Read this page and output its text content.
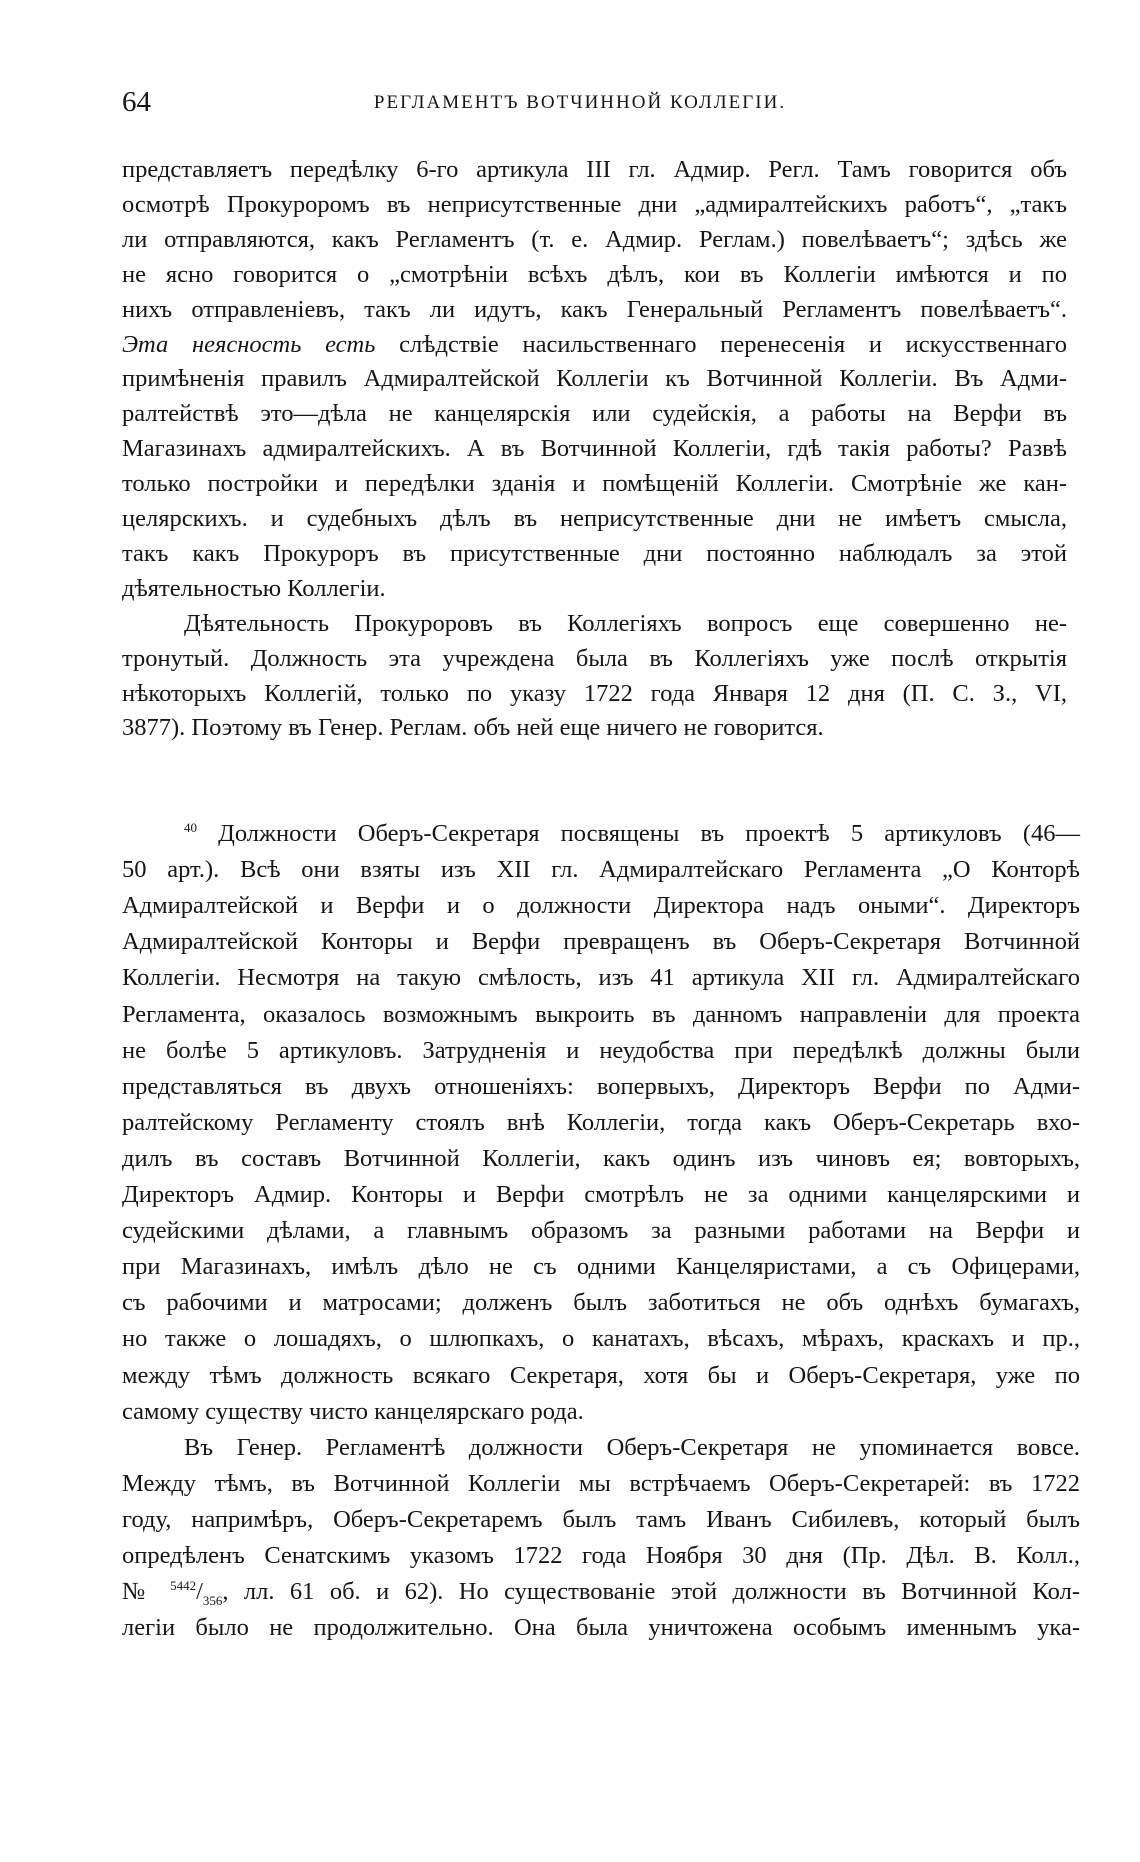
64	РЕГЛАМЕНТЪ ВОТЧИННОЙ КОЛЛЕГІИ.
представляетъ передѣлку 6-го артикула III гл. Адмир. Регл. Тамъ говорится объ
осмотрѣ Прокуроромъ въ неприсутственные дни „адмиралтейскихъ работъ“, „такъ
ли отправляются, какъ Регламентъ (т. е. Адмир. Реглам.) повелѣваетъ“; здѣсь же
не ясно говорится о „смотрѣніи всѣхъ дѣлъ, кои въ Коллегіи имѣются и по
нихъ отправленіевъ, такъ ли идутъ, какъ Генеральный Регламентъ повелѣваетъ“.
Эта неясность есть слѣдствіе насильственнаго перенесенія и искусственнаго
примѣненія правилъ Адмиралтейской Коллегіи къ Вотчинной Коллегіи. Въ Адми-
ралтействѣ это—дѣла не канцелярскія или судейскія, а работы на Верфи въ
Магазинахъ адмиралтейскихъ. А въ Вотчинной Коллегіи, гдѣ такія работы? Развѣ
только постройки и передѣлки зданія и помѣщеній Коллегіи. Смотрѣніе же кан-
целярскихъ. и судебныхъ дѣлъ въ неприсутственные дни не имѣетъ смысла,
такъ какъ Прокуроръ въ присутственные дни постоянно наблюдалъ за этой
дѣятельностью Коллегіи.
Дѣятельность Прокуроровъ въ Коллегіяхъ вопросъ еще совершенно не-
тронутый. Должность эта учреждена была въ Коллегіяхъ уже послѣ открытія
нѣкоторыхъ Коллегій, только по указу 1722 года Января 12 дня (П. С. З., VI,
3877). Поэтому въ Генер. Реглам. объ ней еще ничего не говорится.
$^{40}$ Должности Оберъ-Секретаря посвящены въ проектѣ 5 артикуловъ (46—
50 арт.). Всѣ они взяты изъ XII гл. Адмиралтейскаго Регламента „О Конторѣ
Адмиралтейской и Верфи и о должности Директора надъ оными“. Директоръ
Адмиралтейской Конторы и Верфи превращенъ въ Оберъ-Секретаря Вотчинной
Коллегіи. Несмотря на такую смѣлость, изъ 41 артикула XII гл. Адмиралтейскаго
Регламента, оказалось возможнымъ выкроить въ данномъ направленіи для проекта
не болѣе 5 артикуловъ. Затрудненія и неудобства при передѣлкѣ должны были
представляться въ двухъ отношеніяхъ: вопервыхъ, Директоръ Верфи по Адми-
ралтейскому Регламенту стоялъ внѣ Коллегіи, тогда какъ Оберъ-Секретарь вхо-
дилъ въ составъ Вотчинной Коллегіи, какъ одинъ изъ чиновъ ея; вовторыхъ,
Директоръ Адмир. Конторы и Верфи смотрѣлъ не за одними канцелярскими и
судейскими дѣлами, а главнымъ образомъ за разными работами на Верфи и
при Магазинахъ, имѣлъ дѣло не съ одними Канцеляристами, а съ Офицерами,
съ рабочими и матросами; долженъ былъ заботиться не объ однѣхъ бумагахъ,
но также о лошадяхъ, о шлюпкахъ, о канатахъ, вѣсахъ, мѣрахъ, краскахъ и пр.,
между тѣмъ должность всякаго Секретаря, хотя бы и Оберъ-Секретаря, уже по
самому существу чисто канцелярскаго рода.
Въ Генер. Регламентѣ должности Оберъ-Секретаря не упоминается вовсе.
Между тѣмъ, въ Вотчинной Коллегіи мы встрѣчаемъ Оберъ-Секретарей: въ 1722
году, напримѣръ, Оберъ-Секретаремъ былъ тамъ Иванъ Сибилевъ, который былъ
опредѣленъ Сенатскимъ указомъ 1722 года Ноября 30 дня (Пр. Дѣл. В. Колл.,
№ $^{5442}/_{356}$, лл. 61 об. и 62). Но существованіе этой должности въ Вотчинной Кол-
легіи было не продолжительно. Она была уничтожена особымъ именнымъ ука-
